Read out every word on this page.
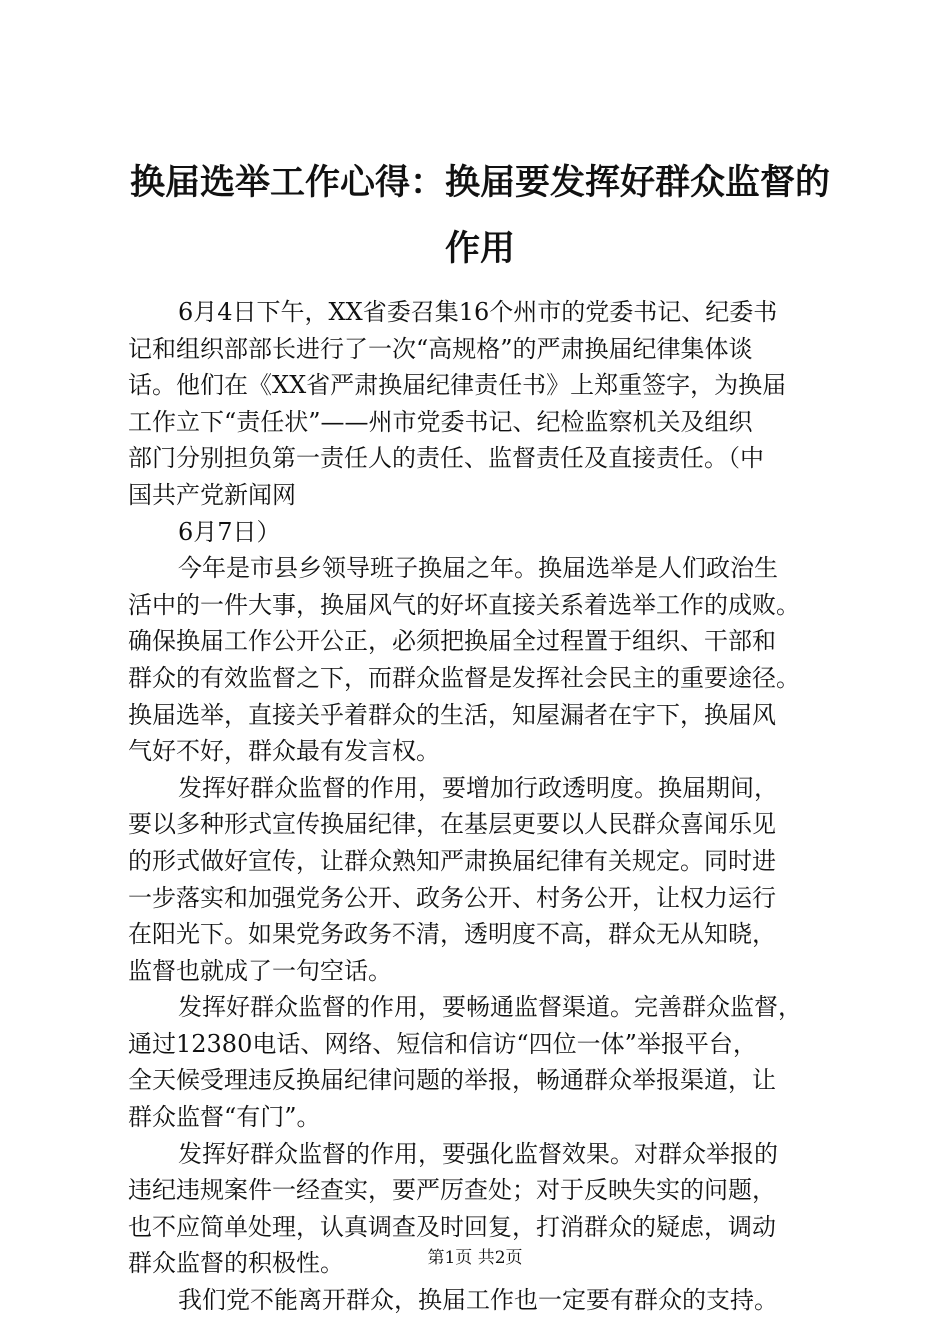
换届选举工作心得：换届要发挥好群众监督的
作用
6月4日下午，XX省委召集16个州市的党委书记、纪委书
记和组织部部长进行了一次“高规格”的严肃换届纪律集体谈
话。他们在《XX省严肃换届纪律责任书》上郑重签字，为换届
工作立下“责任状”——州市党委书记、纪检监察机关及组织
部门分别担负第一责任人的责任、监督责任及直接责任。（中
国共产党新闻网
6月7日）
今年是市县乡领导班子换届之年。换届选举是人们政治生
活中的一件大事，换届风气的好坏直接关系着选举工作的成败。
确保换届工作公开公正，必须把换届全过程置于组织、干部和
群众的有效监督之下，而群众监督是发挥社会民主的重要途径。
换届选举，直接关乎着群众的生活，知屋漏者在宇下，换届风
气好不好，群众最有发言权。
发挥好群众监督的作用，要增加行政透明度。换届期间，
要以多种形式宣传换届纪律，在基层更要以人民群众喜闻乐见
的形式做好宣传，让群众熟知严肃换届纪律有关规定。同时进
一步落实和加强党务公开、政务公开、村务公开，让权力运行
在阳光下。如果党务政务不清，透明度不高，群众无从知晓，
监督也就成了一句空话。
发挥好群众监督的作用，要畅通监督渠道。完善群众监督，
通过12380电话、网络、短信和信访“四位一体”举报平台，
全天候受理违反换届纪律问题的举报，畅通群众举报渠道，让
群众监督“有门”。
发挥好群众监督的作用，要强化监督效果。对群众举报的
违纪违规案件一经查实，要严厉查处；对于反映失实的问题，
也不应简单处理，认真调查及时回复，打消群众的疑虑，调动
群众监督的积极性。
我们党不能离开群众，换届工作也一定要有群众的支持。
第1页 共2页
